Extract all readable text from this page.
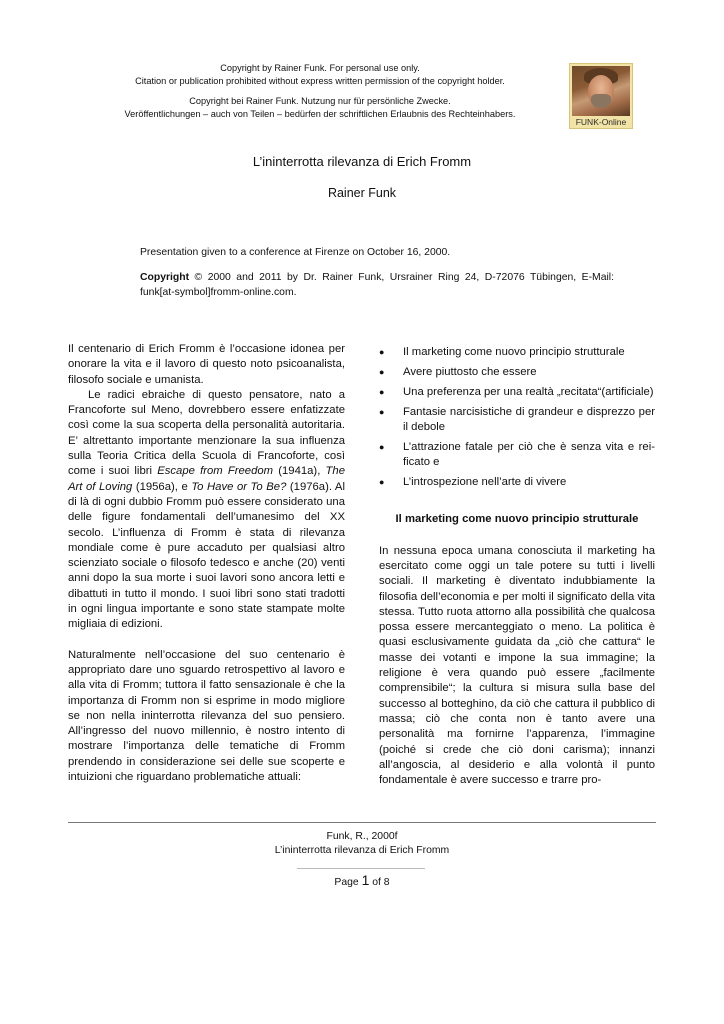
Copyright by Rainer Funk. For personal use only.
Citation or publication prohibited without express written permission of the copyright holder.
Copyright bei Rainer Funk. Nutzung nur für persönliche Zwecke.
Veröffentlichungen – auch von Teilen – bedürfen der schriftlichen Erlaubnis des Rechteinhabers.
FUNK-Online
L’ininterrotta rilevanza di Erich Fromm
Rainer Funk
Presentation given to a conference at Firenze on October 16, 2000.
Copyright © 2000 and 2011 by Dr. Rainer Funk, Ursrainer Ring 24, D-72076 Tübingen, E-Mail: funk[at-symbol]fromm-online.com.

Il centenario di Erich Fromm è l’occasione idonea per onorare la vita e il lavoro di questo noto psicoanalista, filosofo sociale e umanista.

Le radici ebraiche di questo pensatore, nato a Francoforte sul Meno, dovrebbero essere enfatizzate così come la sua scoperta della personalità autoritaria. E’ altrettanto importante menzionare la sua influenza sulla Teoria Critica della Scuola di Francoforte, così come i suoi libri Escape from Freedom (1941a), The Art of Loving (1956a), e To Have or To Be? (1976a). Al di là di ogni dubbio Fromm può essere considerato una delle figure fondamentali dell’umanesimo del XX secolo. L’influenza di Fromm è stata di rilevanza mondiale come è pure accaduto per qualsiasi altro scienziato sociale o filosofo tedesco e anche (20) venti anni dopo la sua morte i suoi lavori sono ancora letti e dibattuti in tutto il mondo. I suoi libri sono stati tradotti in ogni lingua importante e sono state stampate molte migliaia di edizioni.

Naturalmente nell’occasione del suo centenario è appropriato dare uno sguardo retrospettivo al lavoro e alla vita di Fromm; tuttora il fatto sensazionale è che la importanza di Fromm non si esprime in modo migliore se non nella ininterrotta rilevanza del suo pensiero. All’ingresso del nuovo millennio, è nostro intento di mostrare l’importanza delle tematiche di Fromm prendendo in considerazione sei delle sue scoperte e intuizioni che riguardano problematiche attuali:

● Il marketing come nuovo principio strutturale
● Avere piuttosto che essere
● Una preferenza per una realtà „recitata“(artificiale)
● Fantasie narcisistiche di grandeur e disprezzo per il debole
● L’attrazione fatale per ciò che è senza vita e reificato e
● L’introspezione nell’arte di vivere
Il marketing come nuovo principio strutturale

In nessuna epoca umana conosciuta il marketing ha esercitato come oggi un tale potere su tutti i livelli sociali. Il marketing è diventato indubbiamente la filosofia dell’economia e per molti il significato della vita stessa. Tutto ruota attorno alla possibilità che qualcosa possa essere mercanteggiato o meno. La politica è quasi esclusivamente guidata da „ciò che cattura“ le masse dei votanti e impone la sua immagine; la religione è vera quando può essere „facilmente comprensibile“; la cultura si misura sulla base del successo al botteghino, da ciò che cattura il pubblico di massa; ciò che conta non è tanto avere una personalità ma fornirne l’apparenza, l’immagine (poiché si crede che ciò doni carisma); innanzi all’angoscia, al desiderio e alla volontà il punto fondamentale è avere successo e trarre pro-

Funk, R., 2000f
L’ininterrotta rilevanza di Erich Fromm
Page 1 of 8
